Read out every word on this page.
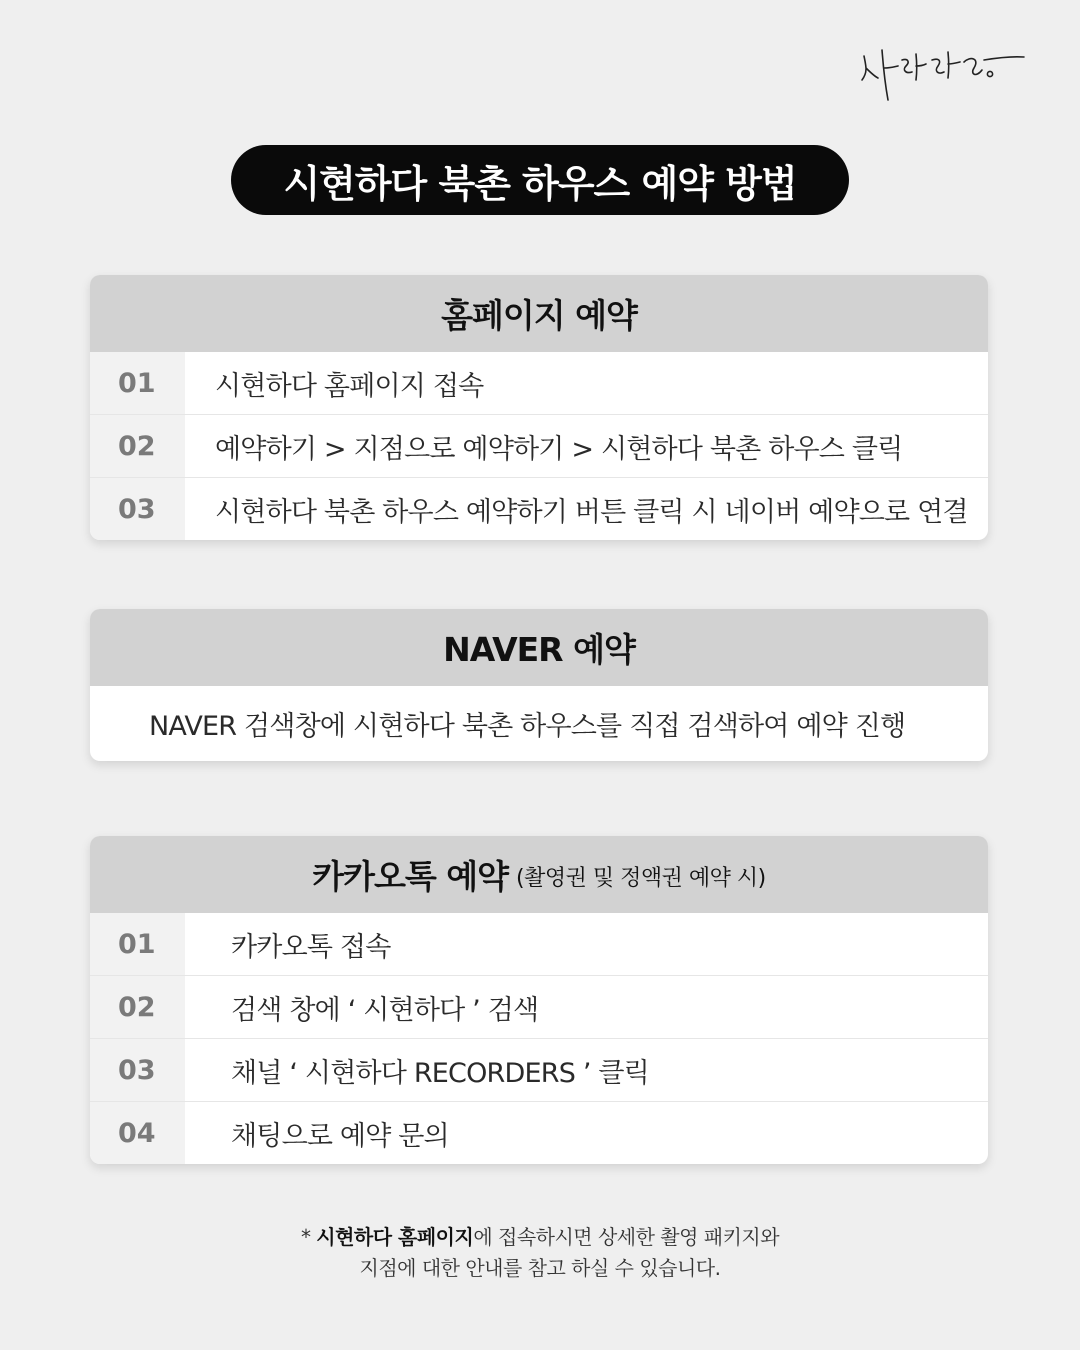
시현하다 북촌 하우스 예약 방법
홈페이지 예약
01	시현하다 홈페이지 접속
02	예약하기 > 지점으로 예약하기 > 시현하다 북촌 하우스 클릭
03	시현하다 북촌 하우스 예약하기 버튼 클릭 시 네이버 예약으로 연결
NAVER 예약
NAVER 검색창에 시현하다 북촌 하우스를 직접 검색하여 예약 진행
카카오톡 예약 (촬영권 및 정액권 예약 시)
01	카카오톡 접속
02	검색 창에 ‘ 시현하다 ’ 검색
03	채널 ‘ 시현하다 RECORDERS ’ 클릭
04	채팅으로 예약 문의
* 시현하다 홈페이지에 접속하시면 상세한 촬영 패키지와
지점에 대한 안내를 참고 하실 수 있습니다.
